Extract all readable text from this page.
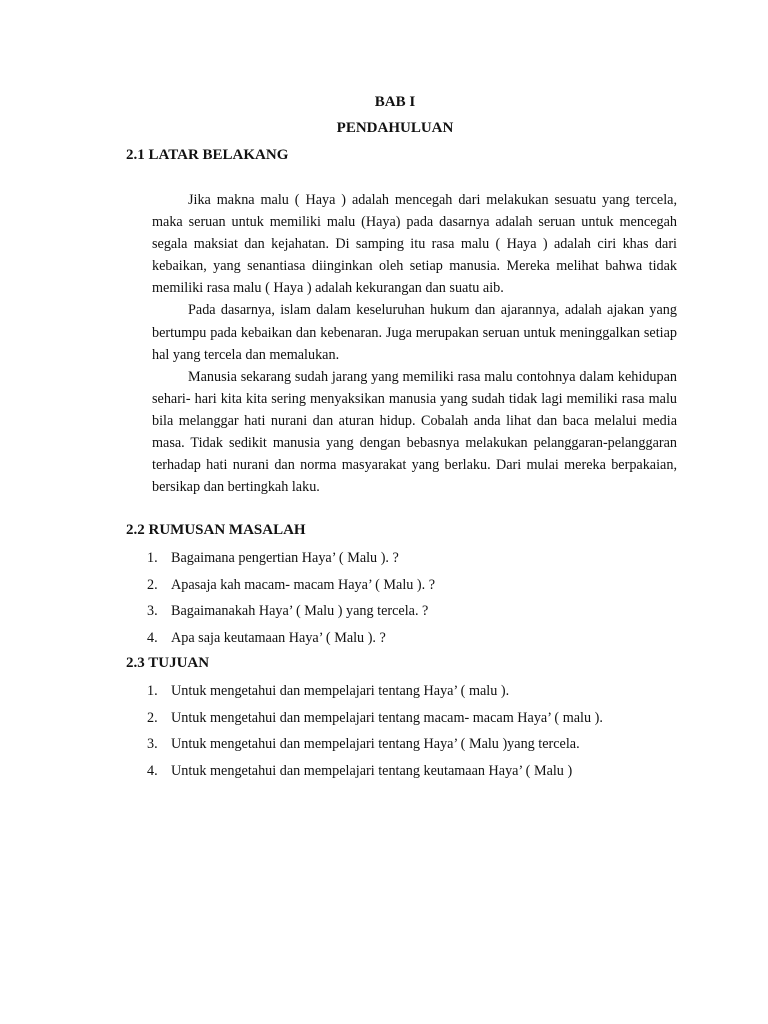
BAB I
PENDAHULUAN
2.1 LATAR BELAKANG

Jika makna malu ( Haya ) adalah mencegah dari melakukan sesuatu yang tercela, maka seruan untuk memiliki malu (Haya) pada dasarnya adalah seruan untuk mencegah segala maksiat dan kejahatan. Di samping itu rasa malu ( Haya ) adalah ciri khas dari kebaikan, yang senantiasa diinginkan oleh setiap manusia. Mereka melihat bahwa tidak memiliki rasa malu ( Haya ) adalah kekurangan dan suatu aib.

Pada dasarnya, islam dalam keseluruhan hukum dan ajarannya, adalah ajakan yang bertumpu pada kebaikan dan kebenaran. Juga merupakan seruan untuk meninggalkan setiap hal yang tercela dan memalukan.

Manusia sekarang sudah jarang yang memiliki rasa malu contohnya dalam kehidupan sehari- hari kita kita sering menyaksikan manusia yang sudah tidak lagi memiliki rasa malu bila melanggar hati nurani dan aturan hidup. Cobalah anda lihat dan baca melalui media masa. Tidak sedikit manusia yang dengan bebasnya melakukan pelanggaran-pelanggaran terhadap hati nurani dan norma masyarakat yang berlaku. Dari mulai mereka berpakaian, bersikap dan bertingkah laku.

2.2 RUMUSAN MASALAH
1. Bagaimana pengertian Haya’ ( Malu ). ?
2. Apasaja kah macam- macam Haya’ ( Malu ). ?
3. Bagaimanakah Haya’ ( Malu ) yang tercela. ?
4. Apa saja keutamaan Haya’ ( Malu ). ?
2.3 TUJUAN
1. Untuk mengetahui dan mempelajari tentang Haya’ ( malu ).
2. Untuk mengetahui dan mempelajari tentang macam- macam Haya’ ( malu ).
3. Untuk mengetahui dan mempelajari tentang Haya’ ( Malu )yang tercela.
4. Untuk mengetahui dan mempelajari tentang keutamaan Haya’ ( Malu )
